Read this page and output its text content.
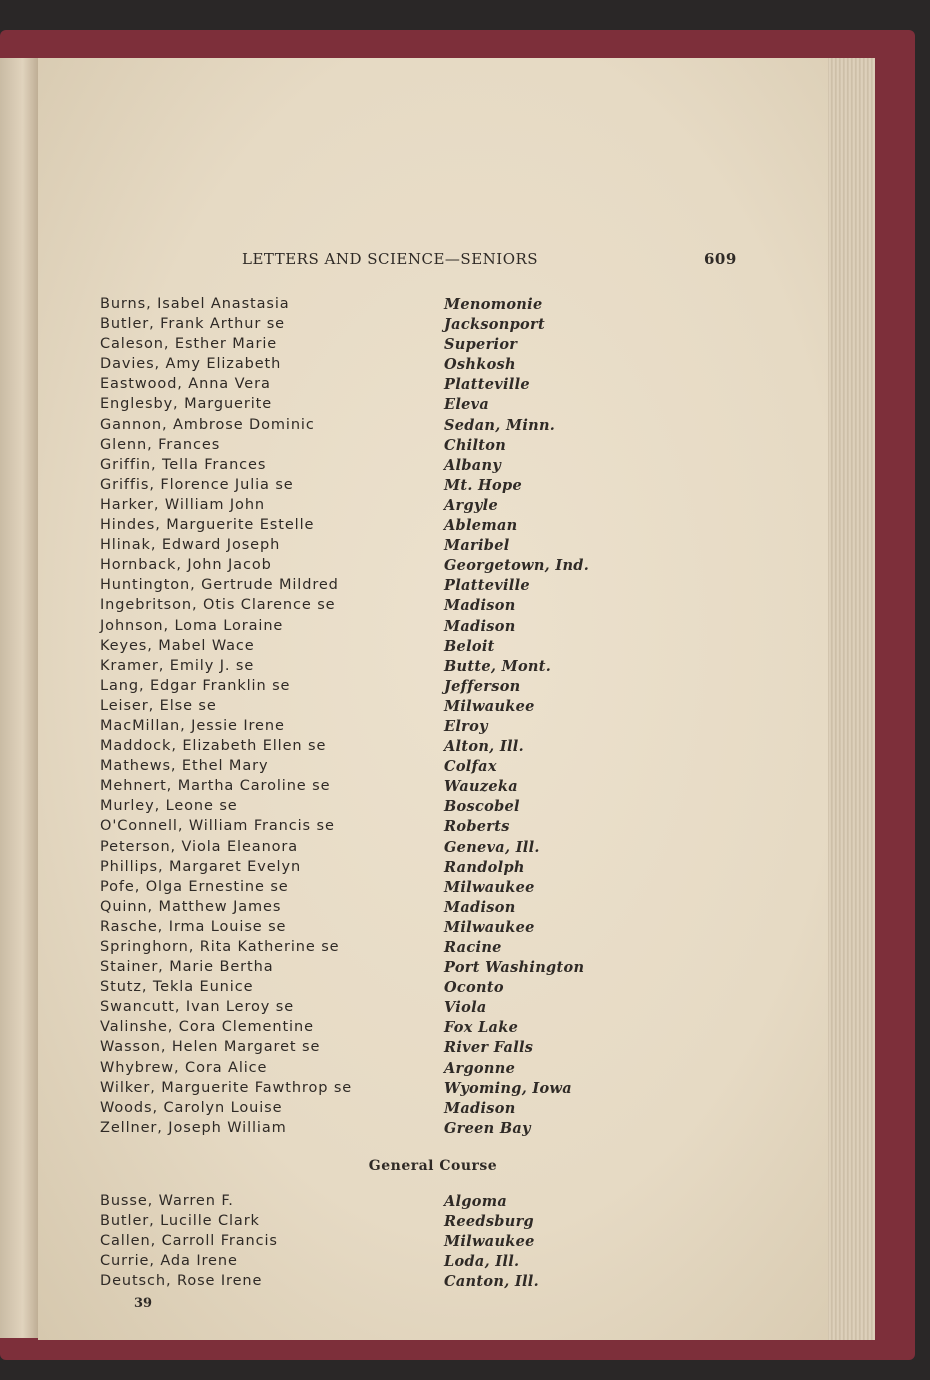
LETTERS AND SCIENCE—SENIORS	609
Burns, Isabel Anastasia	Menomonie
Butler, Frank Arthur se	Jacksonport
Caleson, Esther Marie	Superior
Davies, Amy Elizabeth	Oshkosh
Eastwood, Anna Vera	Platteville
Englesby, Marguerite	Eleva
Gannon, Ambrose Dominic	Sedan, Minn.
Glenn, Frances	Chilton
Griffin, Tella Frances	Albany
Griffis, Florence Julia se	Mt. Hope
Harker, William John	Argyle
Hindes, Marguerite Estelle	Ableman
Hlinak, Edward Joseph	Maribel
Hornback, John Jacob	Georgetown, Ind.
Huntington, Gertrude Mildred	Platteville
Ingebritson, Otis Clarence se	Madison
Johnson, Loma Loraine	Madison
Keyes, Mabel Wace	Beloit
Kramer, Emily J. se	Butte, Mont.
Lang, Edgar Franklin se	Jefferson
Leiser, Else se	Milwaukee
MacMillan, Jessie Irene	Elroy
Maddock, Elizabeth Ellen se	Alton, Ill.
Mathews, Ethel Mary	Colfax
Mehnert, Martha Caroline se	Wauzeka
Murley, Leone se	Boscobel
O'Connell, William Francis se	Roberts
Peterson, Viola Eleanora	Geneva, Ill.
Phillips, Margaret Evelyn	Randolph
Pofe, Olga Ernestine se	Milwaukee
Quinn, Matthew James	Madison
Rasche, Irma Louise se	Milwaukee
Springhorn, Rita Katherine se	Racine
Stainer, Marie Bertha	Port Washington
Stutz, Tekla Eunice	Oconto
Swancutt, Ivan Leroy se	Viola
Valinshe, Cora Clementine	Fox Lake
Wasson, Helen Margaret se	River Falls
Whybrew, Cora Alice	Argonne
Wilker, Marguerite Fawthrop se	Wyoming, Iowa
Woods, Carolyn Louise	Madison
Zellner, Joseph William	Green Bay
General Course
Busse, Warren F.	Algoma
Butler, Lucille Clark	Reedsburg
Callen, Carroll Francis	Milwaukee
Currie, Ada Irene	Loda, Ill.
Deutsch, Rose Irene	Canton, Ill.
39
